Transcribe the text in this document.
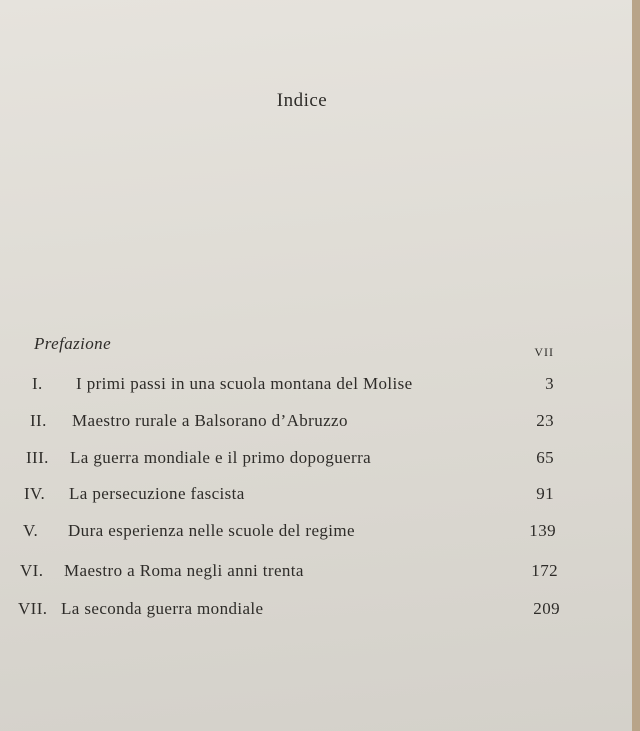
Indice
Prefazione	VII
I. I primi passi in una scuola montana del Molise	3
II. Maestro rurale a Balsorano d’Abruzzo	23
III. La guerra mondiale e il primo dopoguerra	65
IV. La persecuzione fascista	91
V. Dura esperienza nelle scuole del regime	139
VI. Maestro a Roma negli anni trenta	172
VII. La seconda guerra mondiale	209
